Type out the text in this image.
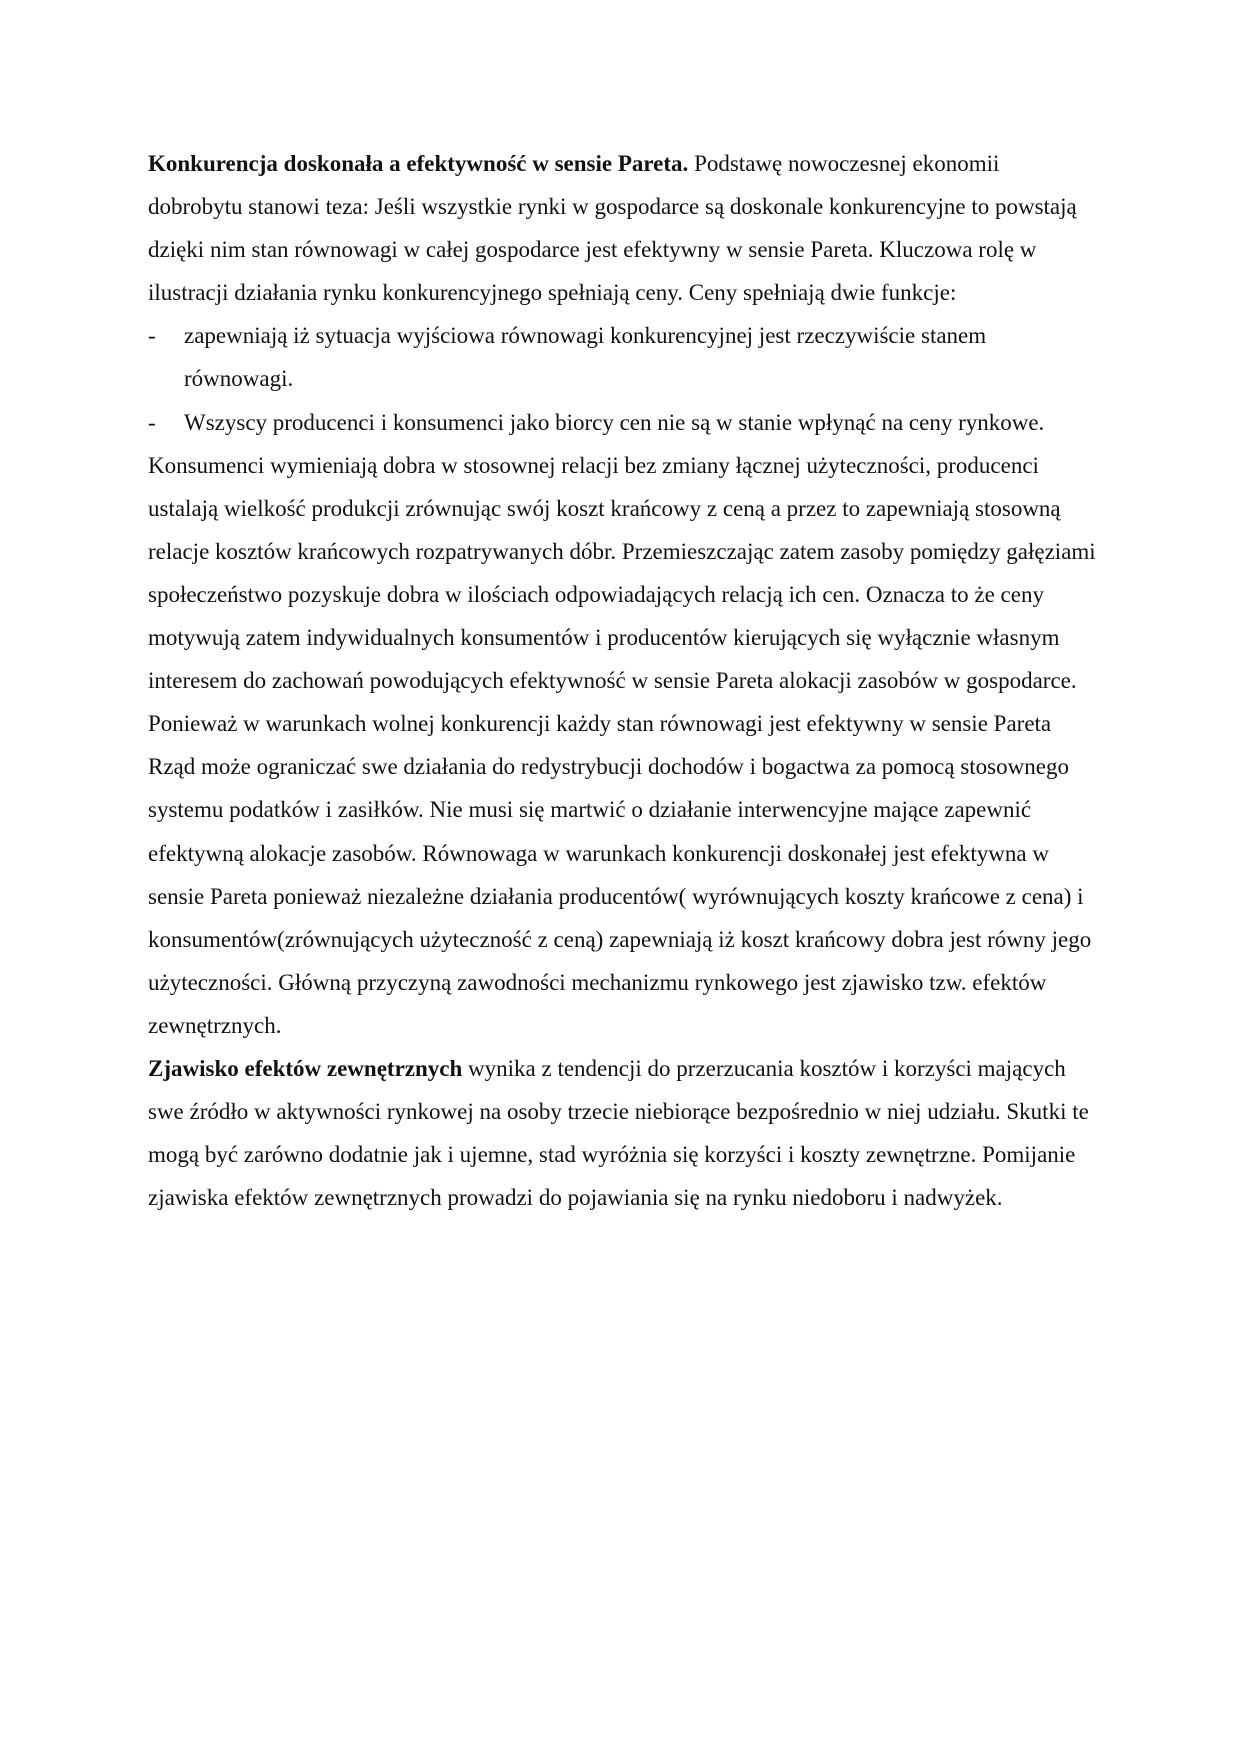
Konkurencja doskonała a efektywność w sensie Pareta. Podstawę nowoczesnej ekonomii dobrobytu stanowi teza: Jeśli wszystkie rynki w gospodarce są doskonale konkurencyjne to powstają dzięki nim stan równowagi w całej gospodarce jest efektywny w sensie Pareta. Kluczowa rolę w ilustracji działania rynku konkurencyjnego spełniają ceny. Ceny spełniają dwie funkcje:

- zapewniają iż sytuacja wyjściowa równowagi konkurencyjnej jest rzeczywiście stanem równowagi.
- Wszyscy producenci i konsumenci jako biorcy cen nie są w stanie wpłynąć na ceny rynkowe.

Konsumenci wymieniają dobra w stosownej relacji bez zmiany łącznej użyteczności, producenci ustalają wielkość produkcji zrównując swój koszt krańcowy z ceną a przez to zapewniają stosowną relacje kosztów krańcowych rozpatrywanych dóbr. Przemieszczając zatem zasoby pomiędzy gałęziami społeczeństwo pozyskuje dobra w ilościach odpowiadających relacją ich cen. Oznacza to że ceny motywują zatem indywidualnych konsumentów i producentów kierujących się wyłącznie własnym interesem do zachowań powodujących efektywność w sensie Pareta alokacji zasobów w gospodarce. Ponieważ w warunkach wolnej konkurencji każdy stan równowagi jest efektywny w sensie Pareta Rząd może ograniczać swe działania do redystrybucji dochodów i bogactwa za pomocą stosownego systemu podatków i zasiłków. Nie musi się martwić o działanie interwencyjne mające zapewnić efektywną alokacje zasobów. Równowaga w warunkach konkurencji doskonałej jest efektywna w sensie Pareta ponieważ niezależne działania producentów( wyrównujących koszty krańcowe z cena) i konsumentów(zrównujących użyteczność z ceną) zapewniają iż koszt krańcowy dobra jest równy jego użyteczności. Główną przyczyną zawodności mechanizmu rynkowego jest zjawisko tzw. efektów zewnętrznych.

Zjawisko efektów zewnętrznych wynika z tendencji do przerzucania kosztów i korzyści mających swe źródło w aktywności rynkowej na osoby trzecie niebiorące bezpośrednio w niej udziału. Skutki te mogą być zarówno dodatnie jak i ujemne, stad wyróżnia się korzyści i koszty zewnętrzne. Pomijanie zjawiska efektów zewnętrznych prowadzi do pojawiania się na rynku niedoboru i nadwyżek.
